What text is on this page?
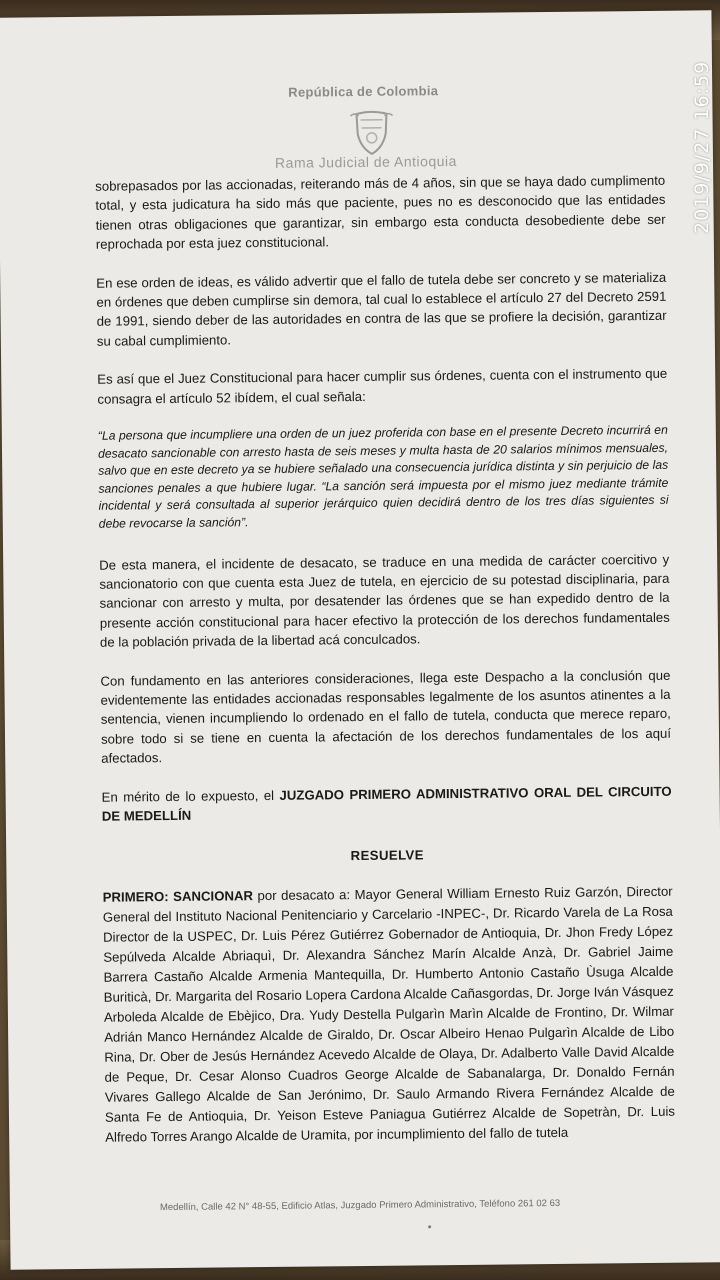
República de Colombia
Rama Judicial de Antioquia

sobrepasados por las accionadas, reiterando más de 4 años, sin que se haya dado cumplimento total, y esta judicatura ha sido más que paciente, pues no es desconocido que las entidades tienen otras obligaciones que garantizar, sin embargo esta conducta desobediente debe ser reprochada por esta juez constitucional.

En ese orden de ideas, es válido advertir que el fallo de tutela debe ser concreto y se materializa en órdenes que deben cumplirse sin demora, tal cual lo establece el artículo 27 del Decreto 2591 de 1991, siendo deber de las autoridades en contra de las que se profiere la decisión, garantizar su cabal cumplimiento.

Es así que el Juez Constitucional para hacer cumplir sus órdenes, cuenta con el instrumento que consagra el artículo 52 ibídem, el cual señala:

“La persona que incumpliere una orden de un juez proferida con base en el presente Decreto incurrirá en desacato sancionable con arresto hasta de seis meses y multa hasta de 20 salarios mínimos mensuales, salvo que en este decreto ya se hubiere señalado una consecuencia jurídica distinta y sin perjuicio de las sanciones penales a que hubiere lugar. “La sanción será impuesta por el mismo juez mediante trámite incidental y será consultada al superior jerárquico quien decidirá dentro de los tres días siguientes si debe revocarse la sanción”.

De esta manera, el incidente de desacato, se traduce en una medida de carácter coercitivo y sancionatorio con que cuenta esta Juez de tutela, en ejercicio de su potestad disciplinaria, para sancionar con arresto y multa, por desatender las órdenes que se han expedido dentro de la presente acción constitucional para hacer efectivo la protección de los derechos fundamentales de la población privada de la libertad acá conculcados.

Con fundamento en las anteriores consideraciones, llega este Despacho a la conclusión que evidentemente las entidades accionadas responsables legalmente de los asuntos atinentes a la sentencia, vienen incumpliendo lo ordenado en el fallo de tutela, conducta que merece reparo, sobre todo si se tiene en cuenta la afectación de los derechos fundamentales de los aquí afectados.

En mérito de lo expuesto, el JUZGADO PRIMERO ADMINISTRATIVO ORAL DEL CIRCUITO DE MEDELLÍN

RESUELVE

PRIMERO: SANCIONAR por desacato a: Mayor General William Ernesto Ruiz Garzón, Director General del Instituto Nacional Penitenciario y Carcelario -INPEC-, Dr. Ricardo Varela de La Rosa Director de la USPEC, Dr. Luis Pérez Gutiérrez Gobernador de Antioquia, Dr. Jhon Fredy López Sepúlveda Alcalde Abriaquì, Dr. Alexandra Sánchez Marín Alcalde Anzà, Dr. Gabriel Jaime Barrera Castaño Alcalde Armenia Mantequilla, Dr. Humberto Antonio Castaño Ùsuga Alcalde Buriticà, Dr. Margarita del Rosario Lopera Cardona Alcalde Cañasgordas, Dr. Jorge Iván Vásquez Arboleda Alcalde de Ebèjico, Dra. Yudy Destella Pulgarìn Marìn Alcalde de Frontino, Dr. Wilmar Adrián Manco Hernández Alcalde de Giraldo, Dr. Oscar Albeiro Henao Pulgarìn Alcalde de Libo Rina, Dr. Ober de Jesús Hernández Acevedo Alcalde de Olaya, Dr. Adalberto Valle David Alcalde de Peque, Dr. Cesar Alonso Cuadros George Alcalde de Sabanalarga, Dr. Donaldo Fernán Vivares Gallego Alcalde de San Jerónimo, Dr. Saulo Armando Rivera Fernández Alcalde de Santa Fe de Antioquia, Dr. Yeison Esteve Paniagua Gutiérrez Alcalde de Sopetràn, Dr. Luis Alfredo Torres Arango Alcalde de Uramita, por incumplimiento del fallo de tutela

Medellín, Calle 42 N° 48-55, Edificio Atlas, Juzgado Primero Administrativo, Teléfono 261 02 63
2019/9/27 16:59
